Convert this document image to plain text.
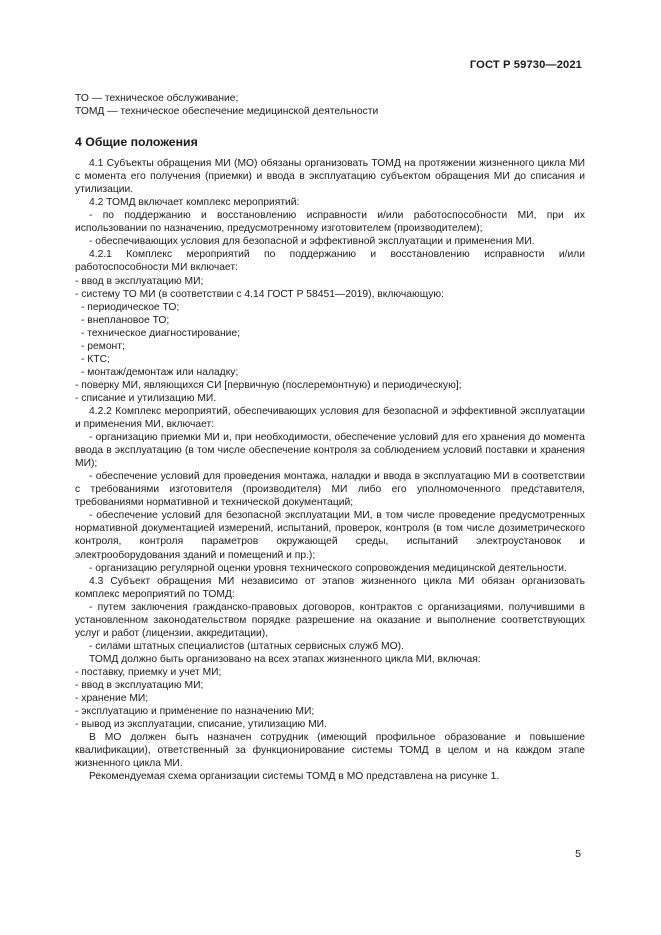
ГОСТ Р 59730—2021

ТО — техническое обслуживание;

ТОМД — техническое обеспечение медицинской деятельности

4 Общие положения

4.1 Субъекты обращения МИ (МО) обязаны организовать ТОМД на протяжении жизненного цикла МИ с момента его получения (приемки) и ввода в эксплуатацию субъектом обращения МИ до списания и утилизации.

4.2 ТОМД включает комплекс мероприятий:

- по поддержанию и восстановлению исправности и/или работоспособности МИ, при их использовании по назначению, предусмотренному изготовителем (производителем);

- обеспечивающих условия для безопасной и эффективной эксплуатации и применения МИ.

4.2.1 Комплекс мероприятий по поддержанию и восстановлению исправности и/или работоспособности МИ включает:

- ввод в эксплуатацию МИ;

- систему ТО МИ (в соответствии с 4.14 ГОСТ Р 58451—2019), включающую:

- периодическое ТО;

- внеплановое ТО;

- техническое диагностирование;

- ремонт;

- КТС;

- монтаж/демонтаж или наладку;

- поверку МИ, являющихся СИ [первичную (послеремонтную) и периодическую];

- списание и утилизацию МИ.

4.2.2 Комплекс мероприятий, обеспечивающих условия для безопасной и эффективной эксплуатации и применения МИ, включает:

- организацию приемки МИ и, при необходимости, обеспечение условий для его хранения до момента ввода в эксплуатацию (в том числе обеспечение контроля за соблюдением условий поставки и хранения МИ);

- обеспечение условий для проведения монтажа, наладки и ввода в эксплуатацию МИ в соответствии с требованиями изготовителя (производителя) МИ либо его уполномоченного представителя, требованиями нормативной и технической документаций;

- обеспечение условий для безопасной эксплуатации МИ, в том числе проведение предусмотренных нормативной документацией измерений, испытаний, проверок, контроля (в том числе дозиметрического контроля, контроля параметров окружающей среды, испытаний электроустановок и электрооборудования зданий и помещений и пр.);

- организацию регулярной оценки уровня технического сопровождения медицинской деятельности.

4.3 Субъект обращения МИ независимо от этапов жизненного цикла МИ обязан организовать комплекс мероприятий по ТОМД:

- путем заключения гражданско-правовых договоров, контрактов с организациями, получившими в установленном законодательством порядке разрешение на оказание и выполнение соответствующих услуг и работ (лицензии, аккредитации),

- силами штатных специалистов (штатных сервисных служб МО).

ТОМД должно быть организовано на всех этапах жизненного цикла МИ, включая:

- поставку, приемку и учет МИ;

- ввод в эксплуатацию МИ;

- хранение МИ;

- эксплуатацию и применение по назначению МИ;

- вывод из эксплуатации, списание, утилизацию МИ.

В МО должен быть назначен сотрудник (имеющий профильное образование и повышение квалификации), ответственный за функционирование системы ТОМД в целом и на каждом этапе жизненного цикла МИ.

Рекомендуемая схема организации системы ТОМД в МО представлена на рисунке 1.

5
